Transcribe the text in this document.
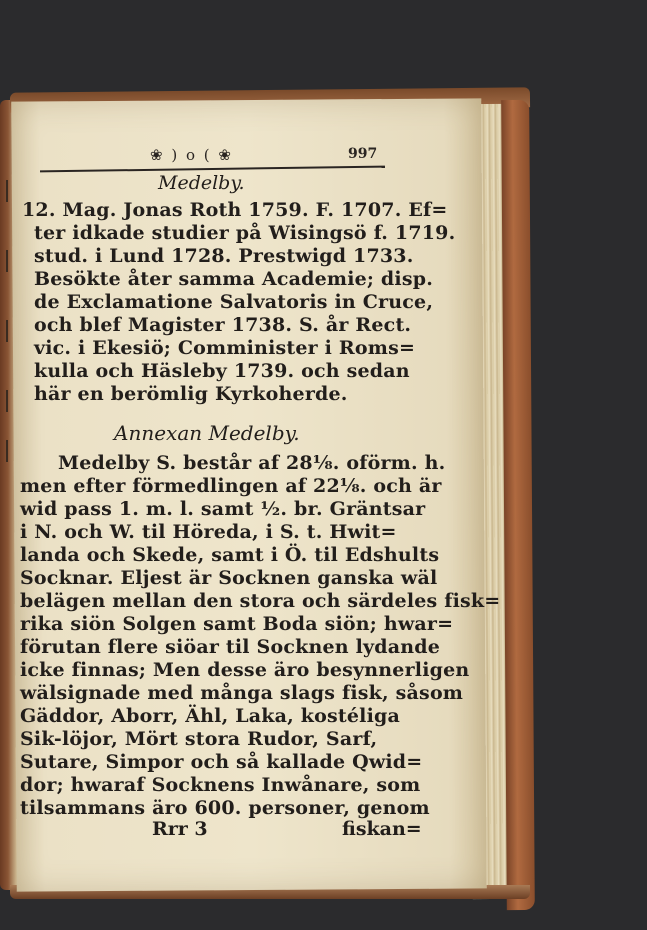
❀ ) o ( ❀	997
Medelby.
12. Mag. Jonas Roth 1759. F. 1707. Ef=
ter idkade studier på Wisingsö f. 1719.
stud. i Lund 1728. Prestwigd 1733.
Besökte åter samma Academie; disp.
de Exclamatione Salvatoris in Cruce,
och blef Magister 1738. S. år Rect.
vic. i Ekesiö; Comminister i Roms=
kulla och Häsleby 1739. och sedan
här en berömlig Kyrkoherde.
Annexan Medelby.
Medelby S. består af 28⅛. oförm. h.
men efter förmedlingen af 22⅛. och är
wid pass 1. m. l. samt ½. br. Gräntsar
i N. och W. til Höreda, i S. t. Hwit=
landa och Skede, samt i Ö. til Edshults
Socknar. Eljest är Socknen ganska wäl
belägen mellan den stora och särdeles fisk=
rika siön Solgen samt Boda siön; hwar=
förutan flere siöar til Socknen lydande
icke finnas; Men desse äro besynnerligen
wälsignade med många slags fisk, såsom
Gäddor, Aborr, Ähl, Laka, kostéliga
Sik-löjor, Mört stora Rudor, Sarf,
Sutare, Simpor och så kallade Qwid=
dor; hwaraf Socknens Inwånare, som
tilsammans äro 600. personer, genom
Rrr 3	fiskan=
